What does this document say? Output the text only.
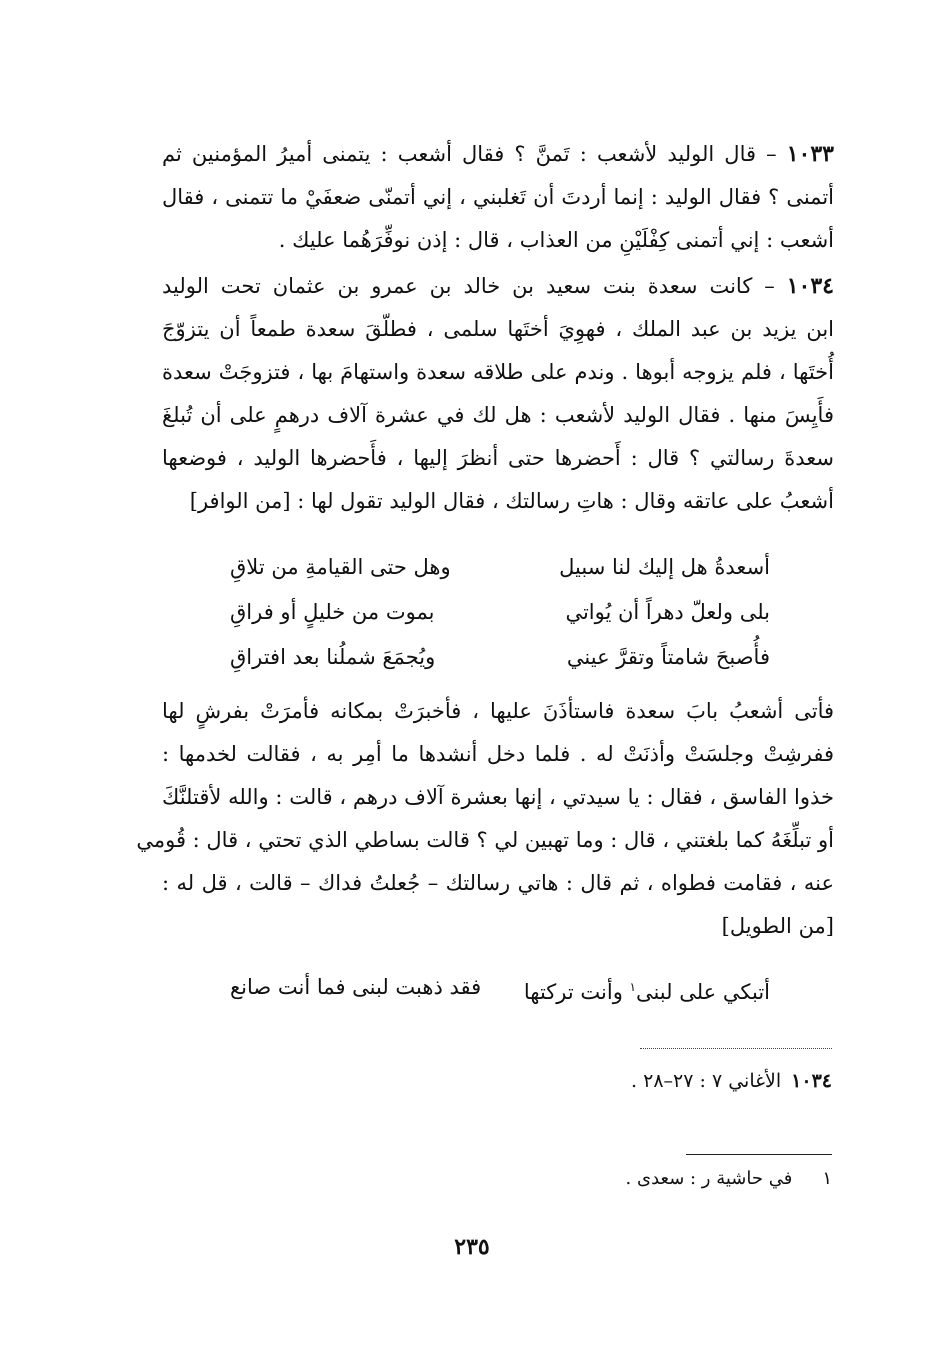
١٠٣٣ – قال الوليد لأشعب : تَمنَّ ؟ فقال أشعب : يتمنى أميرُ المؤمنين ثم
أتمنى ؟ فقال الوليد : إنما أردتَ أن تَغلبني ، إني أتمنّى ضعفَيْ ما تتمنى ، فقال
أشعب : إني أتمنى كِفْلَيْنِ من العذاب ، قال : إذن نوفِّرَهُما عليك .
١٠٣٤ – كانت سعدة بنت سعيد بن خالد بن عمرو بن عثمان تحت الوليد
ابن يزيد بن عبد الملك ، فهوِيَ أختَها سلمى ، فطلّقَ سعدة طمعاً أن يتزوّجَ
أُختَها ، فلم يزوجه أبوها . وندم على طلاقه سعدة واستهامَ بها ، فتزوجَتْ سعدة
فأَيِسَ منها . فقال الوليد لأشعب : هل لك في عشرة آلاف درهمٍ على أن تُبلغَ
سعدةَ رسالتي ؟ قال : أَحضرها حتى أنظرَ إليها ، فأَحضرها الوليد ، فوضعها
أشعبُ على عاتقه وقال : هاتِ رسالتك ، فقال الوليد تقول لها : [من الوافر]
أسعدةُ هل إليك لنا سبيل
وهل حتى القيامةِ من تلاقِ
بلى ولعلّ دهراً أن يُواتي
بموت من خليلٍ أو فراقِ
فأُصبحَ شامتاً وتقرَّ عيني
ويُجمَعَ شملُنا بعد افتراقِ
فأتى أشعبُ بابَ سعدة فاستأذَنَ عليها ، فأخبرَتْ بمكانه فأمرَتْ بفرشٍ لها
ففرشِتْ وجلسَتْ وأذنَتْ له . فلما دخل أنشدها ما أمِر به ، فقالت لخدمها :
خذوا الفاسق ، فقال : يا سيدتي ، إنها بعشرة آلاف درهم ، قالت : والله لأقتلنَّكَ
أو تبلِّغَهُ كما بلغتني ، قال : وما تهبين لي ؟ قالت بساطي الذي تحتي ، قال : قُومي
عنه ، فقامت فطواه ، ثم قال : هاتي رسالتك – جُعلتُ فداك – قالت ، قل له :
[من الطويل]
أتبكي على لبنى$^١$ وأنت تركتها
فقد ذهبت لبنى فما أنت صانع
١٠٣٤الأغاني ٧ : ٢٧–٢٨ .
١في حاشية ر : سعدى .
٢٣٥
